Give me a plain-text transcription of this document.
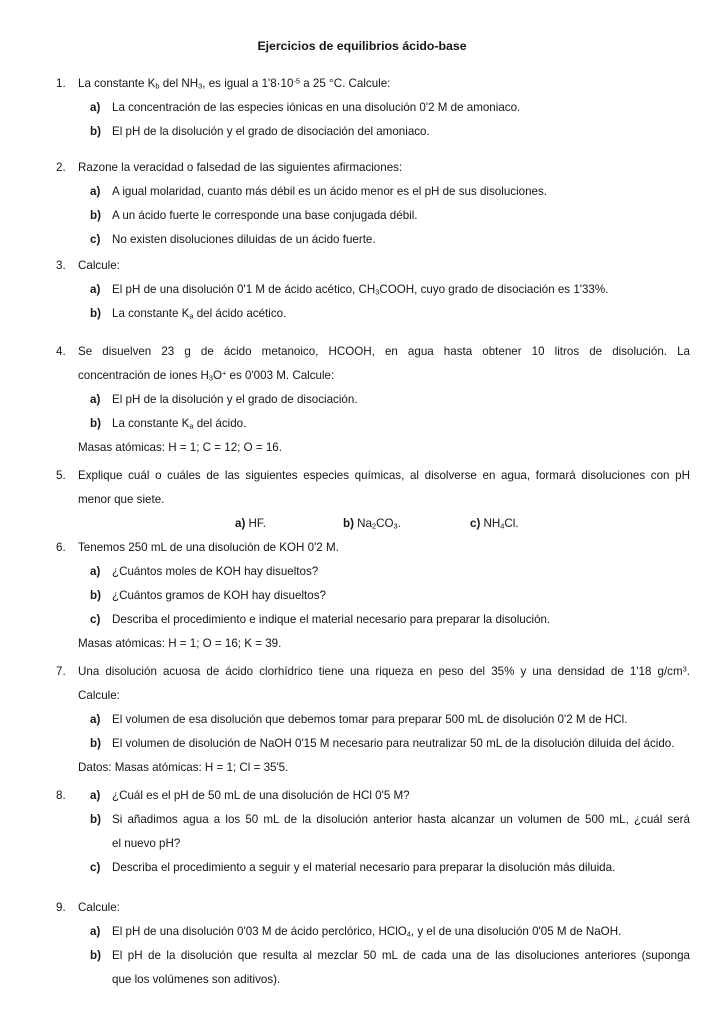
Ejercicios de equilibrios ácido-base
1.	La constante Kb del NH3, es igual a $1'8\cdot 10^{-5}$ a 25 °C. Calcule:
a)	La concentración de las especies iónicas en una disolución 0'2 M de amoniaco.
b) El pH de la disolución y el grado de disociación del amoniaco.
2.	Razone la veracidad o falsedad de las siguientes afirmaciones:
a)	A igual molaridad, cuanto más débil es un ácido menor es el pH de sus disoluciones.
b) A un ácido fuerte le corresponde una base conjugada débil.
c)	No existen disoluciones diluidas de un ácido fuerte.
3.	Calcule:
a)	El pH de una disolución 0'1 M de ácido acético, CH3COOH, cuyo grado de disociación es 1'33%.
b) La constante Ka del ácido acético.
4.	Se disuelven 23 g de ácido metanoico, HCOOH, en agua hasta obtener 10 litros de disolución. La
concentración de iones H3O+ es 0'003 M. Calcule:
a)	El pH de la disolución y el grado de disociación.
b) La constante Ka del ácido.
Masas atómicas: H = 1; C = 12; O = 16.
5.	Explique cuál o cuáles de las siguientes especies químicas, al disolverse en agua, formará disoluciones con pH
menor que siete.
a) HF.	b) Na2CO3.	c) NH4Cl.
6.	Tenemos 250 mL de una disolución de KOH 0'2 M.
a)	¿Cuántos moles de KOH hay disueltos?
b) ¿Cuántos gramos de KOH hay disueltos?
c)	Describa el procedimiento e indique el material necesario para preparar la disolución.
Masas atómicas: H = 1; O = 16; K = 39.
7.	Una disolución acuosa de ácido clorhídrico tiene una riqueza en peso del 35% y una densidad de 1'18 $g/cm^3$.
Calcule:
a)	El volumen de esa disolución que debemos tomar para preparar 500 mL de disolución 0'2 M de HCl.
b) El volumen de disolución de NaOH 0'15 M necesario para neutralizar 50 mL de la disolución diluida del ácido.
Datos: Masas atómicas: H = 1; Cl = 35'5.
8.	a)	¿Cuál es el pH de 50 mL de una disolución de HCl 0'5 M?
b) Si añadimos agua a los 50 mL de la disolución anterior hasta alcanzar un volumen de 500 mL, ¿cuál será
el nuevo pH?
c)	Describa el procedimiento a seguir y el material necesario para preparar la disolución más diluida.
9.	Calcule:
a)	El pH de una disolución 0'03 M de ácido perclórico, HClO4, y el de una disolución 0'05 M de NaOH.
b) El pH de la disolución que resulta al mezclar 50 mL de cada una de las disoluciones anteriores (suponga
que los volúmenes son aditivos).
